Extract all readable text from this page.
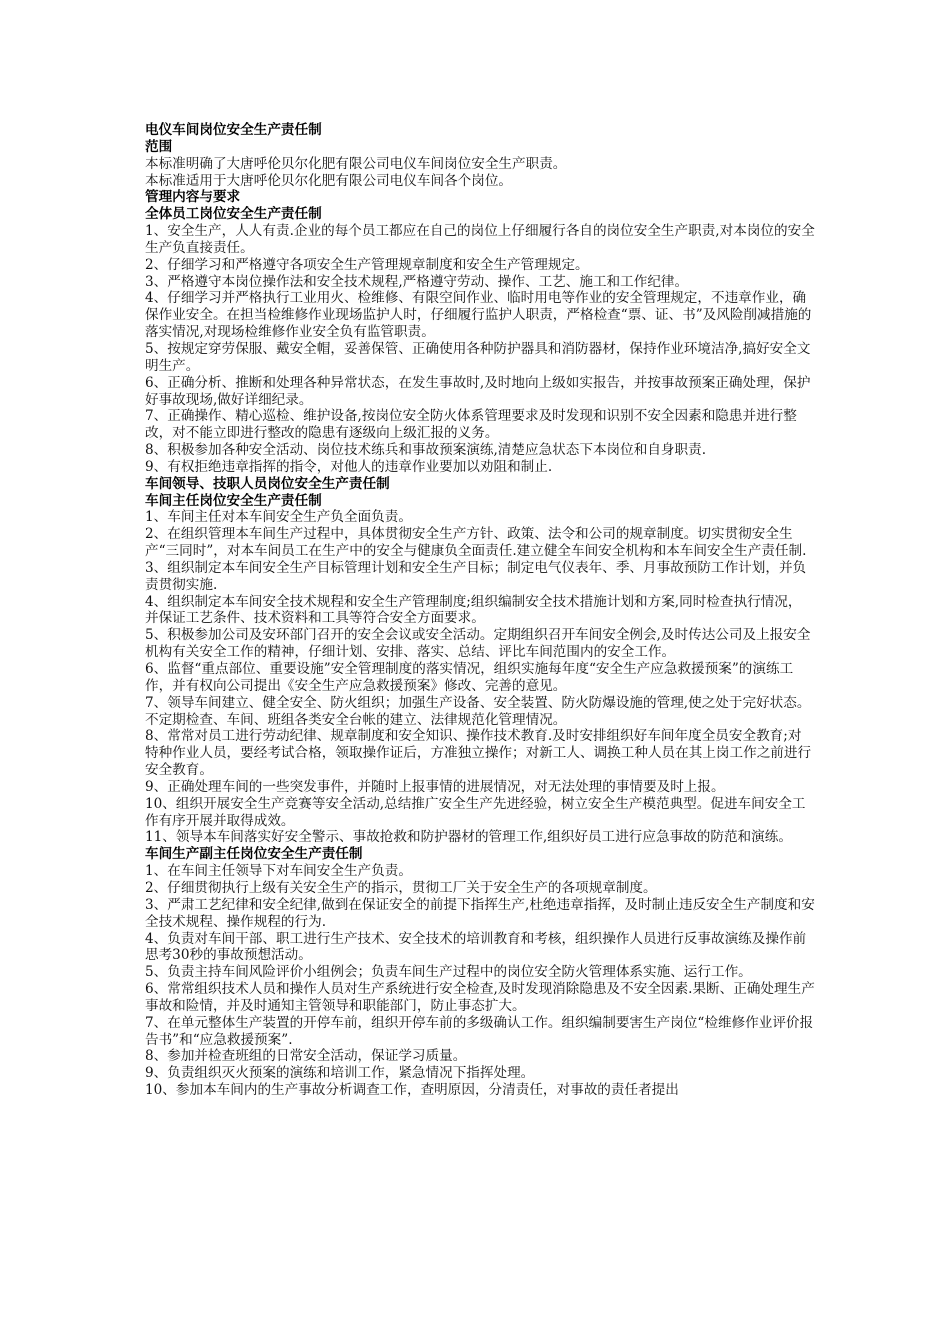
电仪车间岗位安全生产责任制
范围

本标准明确了大唐呼伦贝尔化肥有限公司电仪车间岗位安全生产职责。

本标准适用于大唐呼伦贝尔化肥有限公司电仪车间各个岗位。

管理内容与要求
全体员工岗位安全生产责任制

1、安全生产，人人有责.企业的每个员工都应在自己的岗位上仔细履行各自的岗位安全生产职责,对本岗位的安全生产负直接责任。

2、仔细学习和严格遵守各项安全生产管理规章制度和安全生产管理规定。

3、严格遵守本岗位操作法和安全技术规程,严格遵守劳动、操作、工艺、施工和工作纪律。

4、仔细学习并严格执行工业用火、检维修、有限空间作业、临时用电等作业的安全管理规定，不违章作业，确保作业安全。在担当检维修作业现场监护人时，仔细履行监护人职责，严格检查“票、证、书”及风险削减措施的落实情况,对现场检维修作业安全负有监管职责。

5、按规定穿劳保服、戴安全帽，妥善保管、正确使用各种防护器具和消防器材，保持作业环境洁净,搞好安全文明生产。

6、正确分析、推断和处理各种异常状态，在发生事故时,及时地向上级如实报告，并按事故预案正确处理，保护好事故现场,做好详细纪录。

7、正确操作、精心巡检、维护设备,按岗位安全防火体系管理要求及时发现和识别不安全因素和隐患并进行整改，对不能立即进行整改的隐患有逐级向上级汇报的义务。

8、积极参加各种安全活动、岗位技术练兵和事故预案演练,清楚应急状态下本岗位和自身职责.

9、有权拒绝违章指挥的指令，对他人的违章作业要加以劝阻和制止.

车间领导、技职人员岗位安全生产责任制
车间主任岗位安全生产责任制

1、车间主任对本车间安全生产负全面负责。

2、在组织管理本车间生产过程中，具体贯彻安全生产方针、政策、法令和公司的规章制度。切实贯彻安全生产“三同时”，对本车间员工在生产中的安全与健康负全面责任.建立健全车间安全机构和本车间安全生产责任制.

3、组织制定本车间安全生产目标管理计划和安全生产目标；制定电气仪表年、季、月事故预防工作计划，并负责贯彻实施.

4、组织制定本车间安全技术规程和安全生产管理制度;组织编制安全技术措施计划和方案,同时检查执行情况，并保证工艺条件、技术资料和工具等符合安全方面要求。

5、积极参加公司及安环部门召开的安全会议或安全活动。定期组织召开车间安全例会,及时传达公司及上报安全机构有关安全工作的精神，仔细计划、安排、落实、总结、评比车间范围内的安全工作。

6、监督“重点部位、重要设施”安全管理制度的落实情况，组织实施每年度“安全生产应急救援预案”的演练工作，并有权向公司提出《安全生产应急救援预案》修改、完善的意见。

7、领导车间建立、健全安全、防火组织；加强生产设备、安全装置、防火防爆设施的管理,使之处于完好状态。不定期检查、车间、班组各类安全台帐的建立、法律规范化管理情况。

8、常常对员工进行劳动纪律、规章制度和安全知识、操作技术教育.及时安排组织好车间年度全员安全教育;对特种作业人员，要经考试合格，领取操作证后，方准独立操作；对新工人、调换工种人员在其上岗工作之前进行安全教育。

9、正确处理车间的一些突发事件，并随时上报事情的进展情况，对无法处理的事情要及时上报。

10、组织开展安全生产竞赛等安全活动,总结推广安全生产先进经验，树立安全生产模范典型。促进车间安全工作有序开展并取得成效。

11、领导本车间落实好安全警示、事故抢救和防护器材的管理工作,组织好员工进行应急事故的防范和演练。

车间生产副主任岗位安全生产责任制

1、在车间主任领导下对车间安全生产负责。

2、仔细贯彻执行上级有关安全生产的指示，贯彻工厂关于安全生产的各项规章制度。

3、严肃工艺纪律和安全纪律,做到在保证安全的前提下指挥生产,杜绝违章指挥，及时制止违反安全生产制度和安全技术规程、操作规程的行为.

4、负责对车间干部、职工进行生产技术、安全技术的培训教育和考核，组织操作人员进行反事故演练及操作前思考30秒的事故预想活动。

5、负责主持车间风险评价小组例会；负责车间生产过程中的岗位安全防火管理体系实施、运行工作。

6、常常组织技术人员和操作人员对生产系统进行安全检查,及时发现消除隐患及不安全因素.果断、正确处理生产事故和险情，并及时通知主管领导和职能部门，防止事态扩大。

7、在单元整体生产装置的开停车前，组织开停车前的多级确认工作。组织编制要害生产岗位“检维修作业评价报告书”和“应急救援预案”.

8、参加并检查班组的日常安全活动，保证学习质量。

9、负责组织灭火预案的演练和培训工作，紧急情况下指挥处理。

10、参加本车间内的生产事故分析调查工作，查明原因，分清责任，对事故的责任者提出
